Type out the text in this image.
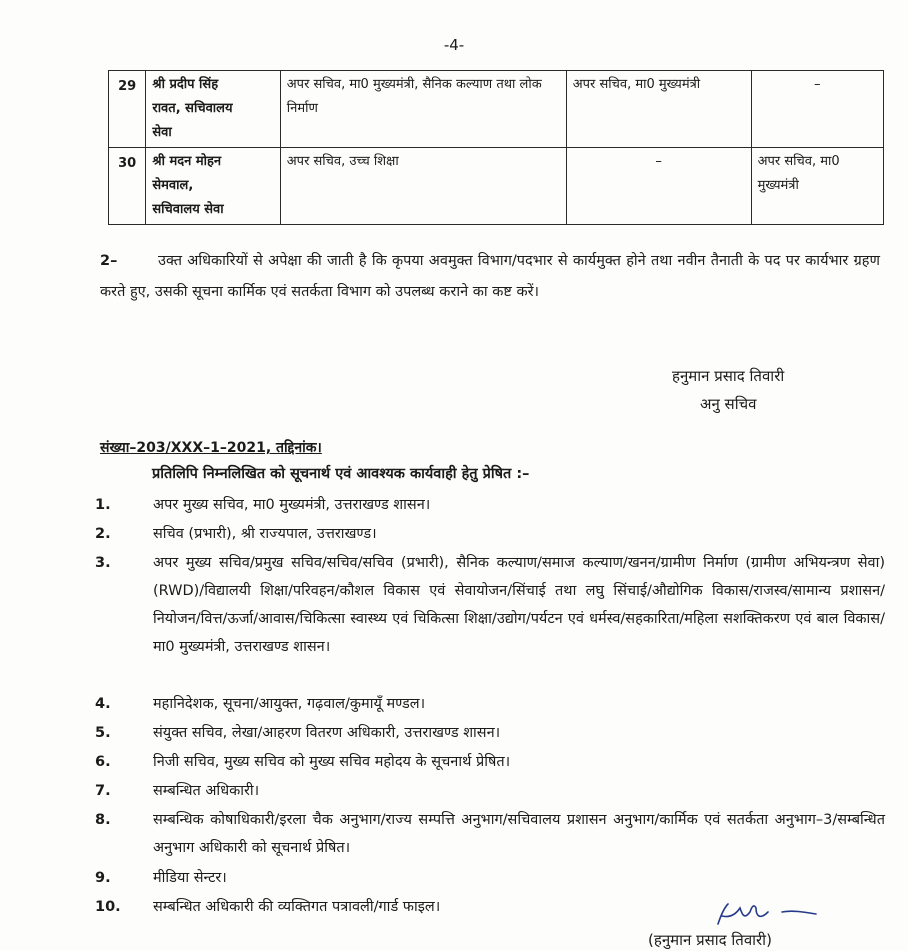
-4-
29	श्री प्रदीप सिंह
रावत, सचिवालय
सेवा	अपर सचिव, मा0 मुख्यमंत्री, सैनिक कल्याण तथा लोक निर्माण	अपर सचिव, मा0 मुख्यमंत्री	–

30	श्री मदन मोहन
सेमवाल,
सचिवालय सेवा	अपर सचिव, उच्च शिक्षा	–	अपर सचिव, मा0 मुख्यमंत्री
2–	उक्त अधिकारियों से अपेक्षा की जाती है कि कृपया अवमुक्त विभाग/पदभार से कार्यमुक्त होने तथा नवीन तैनाती के पद पर कार्यभार ग्रहण करते हुए, उसकी सूचना कार्मिक एवं सतर्कता विभाग को उपलब्ध कराने का कष्ट करें।
हनुमान प्रसाद तिवारी
अनु सचिव
संख्या–203/XXX–1–2021, तद्दिनांक।
प्रतिलिपि निम्नलिखित को सूचनार्थ एवं आवश्यक कार्यवाही हेतु प्रेषित :–
1.	अपर मुख्य सचिव, मा0 मुख्यमंत्री, उत्तराखण्ड शासन।
2.	सचिव (प्रभारी), श्री राज्यपाल, उत्तराखण्ड।
3.	अपर मुख्य सचिव/प्रमुख सचिव/सचिव/सचिव (प्रभारी), सैनिक कल्याण/समाज कल्याण/खनन/ग्रामीण निर्माण (ग्रामीण अभियन्त्रण सेवा) (RWD)/विद्यालयी शिक्षा/परिवहन/कौशल विकास एवं सेवायोजन/सिंचाई तथा लघु सिंचाई/औद्योगिक विकास/राजस्व/सामान्य प्रशासन/नियोजन/वित्त/ऊर्जा/आवास/चिकित्सा स्वास्थ्य एवं चिकित्सा शिक्षा/उद्योग/पर्यटन एवं धर्मस्व/सहकारिता/महिला सशक्तिकरण एवं बाल विकास/मा0 मुख्यमंत्री, उत्तराखण्ड शासन।
4.	महानिदेशक, सूचना/आयुक्त, गढ़वाल/कुमायूँ मण्डल।
5.	संयुक्त सचिव, लेखा/आहरण वितरण अधिकारी, उत्तराखण्ड शासन।
6.	निजी सचिव, मुख्य सचिव को मुख्य सचिव महोदय के सूचनार्थ प्रेषित।
7.	सम्बन्धित अधिकारी।
8.	सम्बन्धिक कोषाधिकारी/इरला चैक अनुभाग/राज्य सम्पत्ति अनुभाग/सचिवालय प्रशासन अनुभाग/कार्मिक एवं सतर्कता अनुभाग–3/सम्बन्धित अनुभाग अधिकारी को सूचनार्थ प्रेषित।
9.	मीडिया सेन्टर।
10. सम्बन्धित अधिकारी की व्यक्तिगत पत्रावली/गार्ड फाइल।
(हनुमान प्रसाद तिवारी)
